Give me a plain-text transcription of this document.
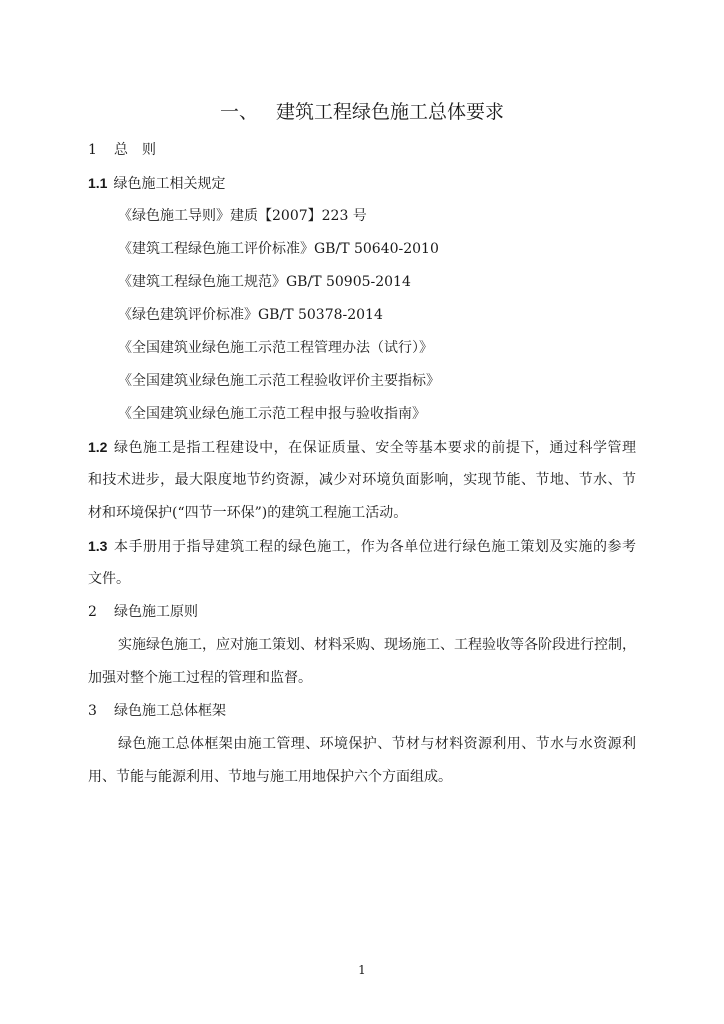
一、 建筑工程绿色施工总体要求
1 总　则
1.1 绿色施工相关规定
《绿色施工导则》建质【2007】223 号
《建筑工程绿色施工评价标准》GB/T 50640-2010
《建筑工程绿色施工规范》GB/T 50905-2014
《绿色建筑评价标准》GB/T 50378-2014
《全国建筑业绿色施工示范工程管理办法（试行）》
《全国建筑业绿色施工示范工程验收评价主要指标》
《全国建筑业绿色施工示范工程申报与验收指南》
1.2 绿色施工是指工程建设中，在保证质量、安全等基本要求的前提下，通过科学管理
和技术进步，最大限度地节约资源，减少对环境负面影响，实现节能、节地、节水、节
材和环境保护(“四节一环保”)的建筑工程施工活动。
1.3 本手册用于指导建筑工程的绿色施工，作为各单位进行绿色施工策划及实施的参考
文件。
2 绿色施工原则
实施绿色施工，应对施工策划、材料采购、现场施工、工程验收等各阶段进行控制，
加强对整个施工过程的管理和监督。
3 绿色施工总体框架
绿色施工总体框架由施工管理、环境保护、节材与材料资源利用、节水与水资源利
用、节能与能源利用、节地与施工用地保护六个方面组成。
1
